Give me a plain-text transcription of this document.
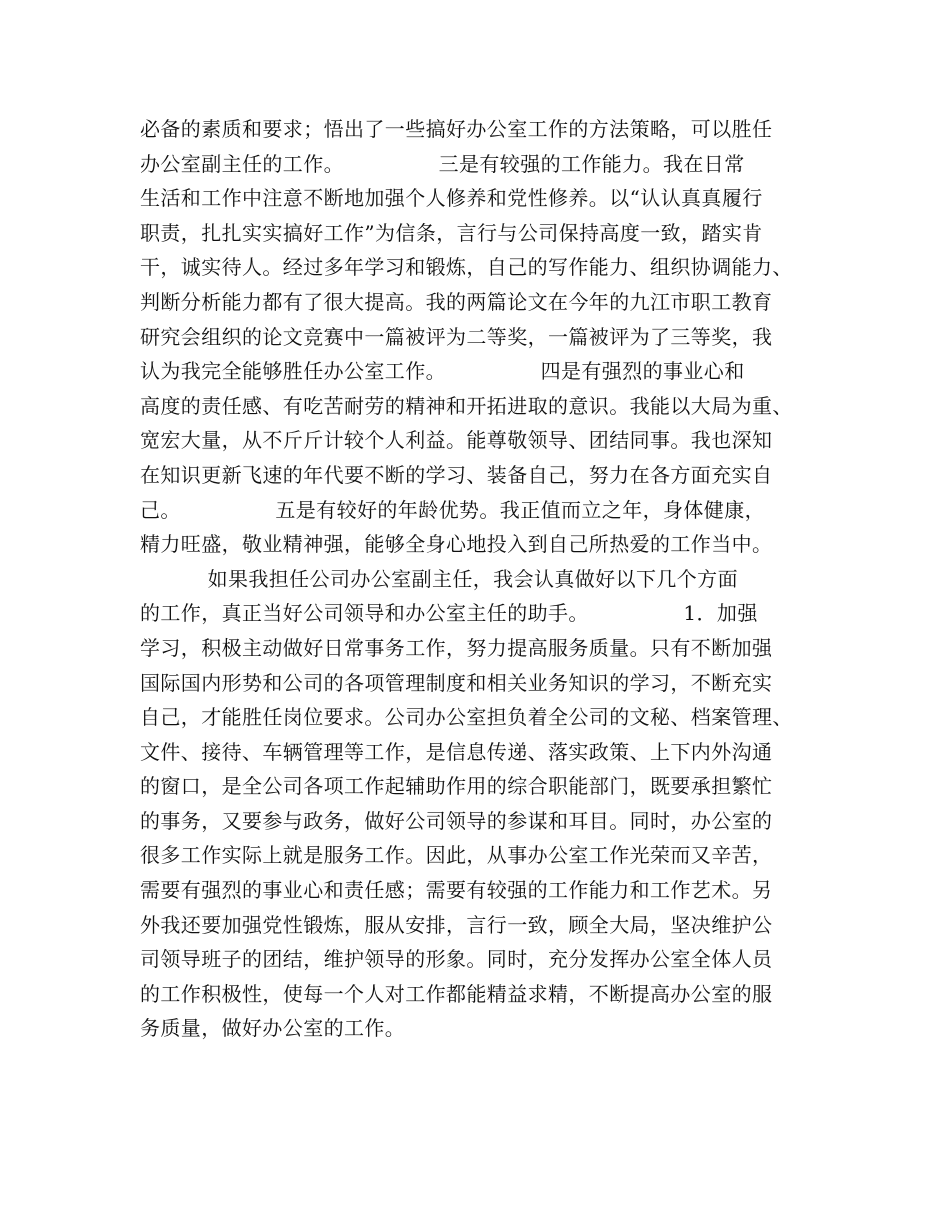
必备的素质和要求；悟出了一些搞好办公室工作的方法策略，可以胜任
办公室副主任的工作。              三是有较强的工作能力。我在日常
生活和工作中注意不断地加强个人修养和党性修养。以“认认真真履行
职责，扎扎实实搞好工作”为信条，言行与公司保持高度一致，踏实肯
干，诚实待人。经过多年学习和锻炼，自己的写作能力、组织协调能力、
判断分析能力都有了很大提高。我的两篇论文在今年的九江市职工教育
研究会组织的论文竞赛中一篇被评为二等奖，一篇被评为了三等奖，我
认为我完全能够胜任办公室工作。              四是有强烈的事业心和
高度的责任感、有吃苦耐劳的精神和开拓进取的意识。我能以大局为重、
宽宏大量，从不斤斤计较个人利益。能尊敬领导、团结同事。我也深知
在知识更新飞速的年代要不断的学习、装备自己，努力在各方面充实自
己。              五是有较好的年龄优势。我正值而立之年，身体健康，
精力旺盛，敬业精神强，能够全身心地投入到自己所热爱的工作当中。
如果我担任公司办公室副主任，我会认真做好以下几个方面
的工作，真正当好公司领导和办公室主任的助手。              1．加强
学习，积极主动做好日常事务工作，努力提高服务质量。只有不断加强
国际国内形势和公司的各项管理制度和相关业务知识的学习，不断充实
自己，才能胜任岗位要求。公司办公室担负着全公司的文秘、档案管理、
文件、接待、车辆管理等工作，是信息传递、落实政策、上下内外沟通
的窗口，是全公司各项工作起辅助作用的综合职能部门，既要承担繁忙
的事务，又要参与政务，做好公司领导的参谋和耳目。同时，办公室的
很多工作实际上就是服务工作。因此，从事办公室工作光荣而又辛苦，
需要有强烈的事业心和责任感；需要有较强的工作能力和工作艺术。另
外我还要加强党性锻炼，服从安排，言行一致，顾全大局，坚决维护公
司领导班子的团结，维护领导的形象。同时，充分发挥办公室全体人员
的工作积极性，使每一个人对工作都能精益求精，不断提高办公室的服
务质量，做好办公室的工作。
